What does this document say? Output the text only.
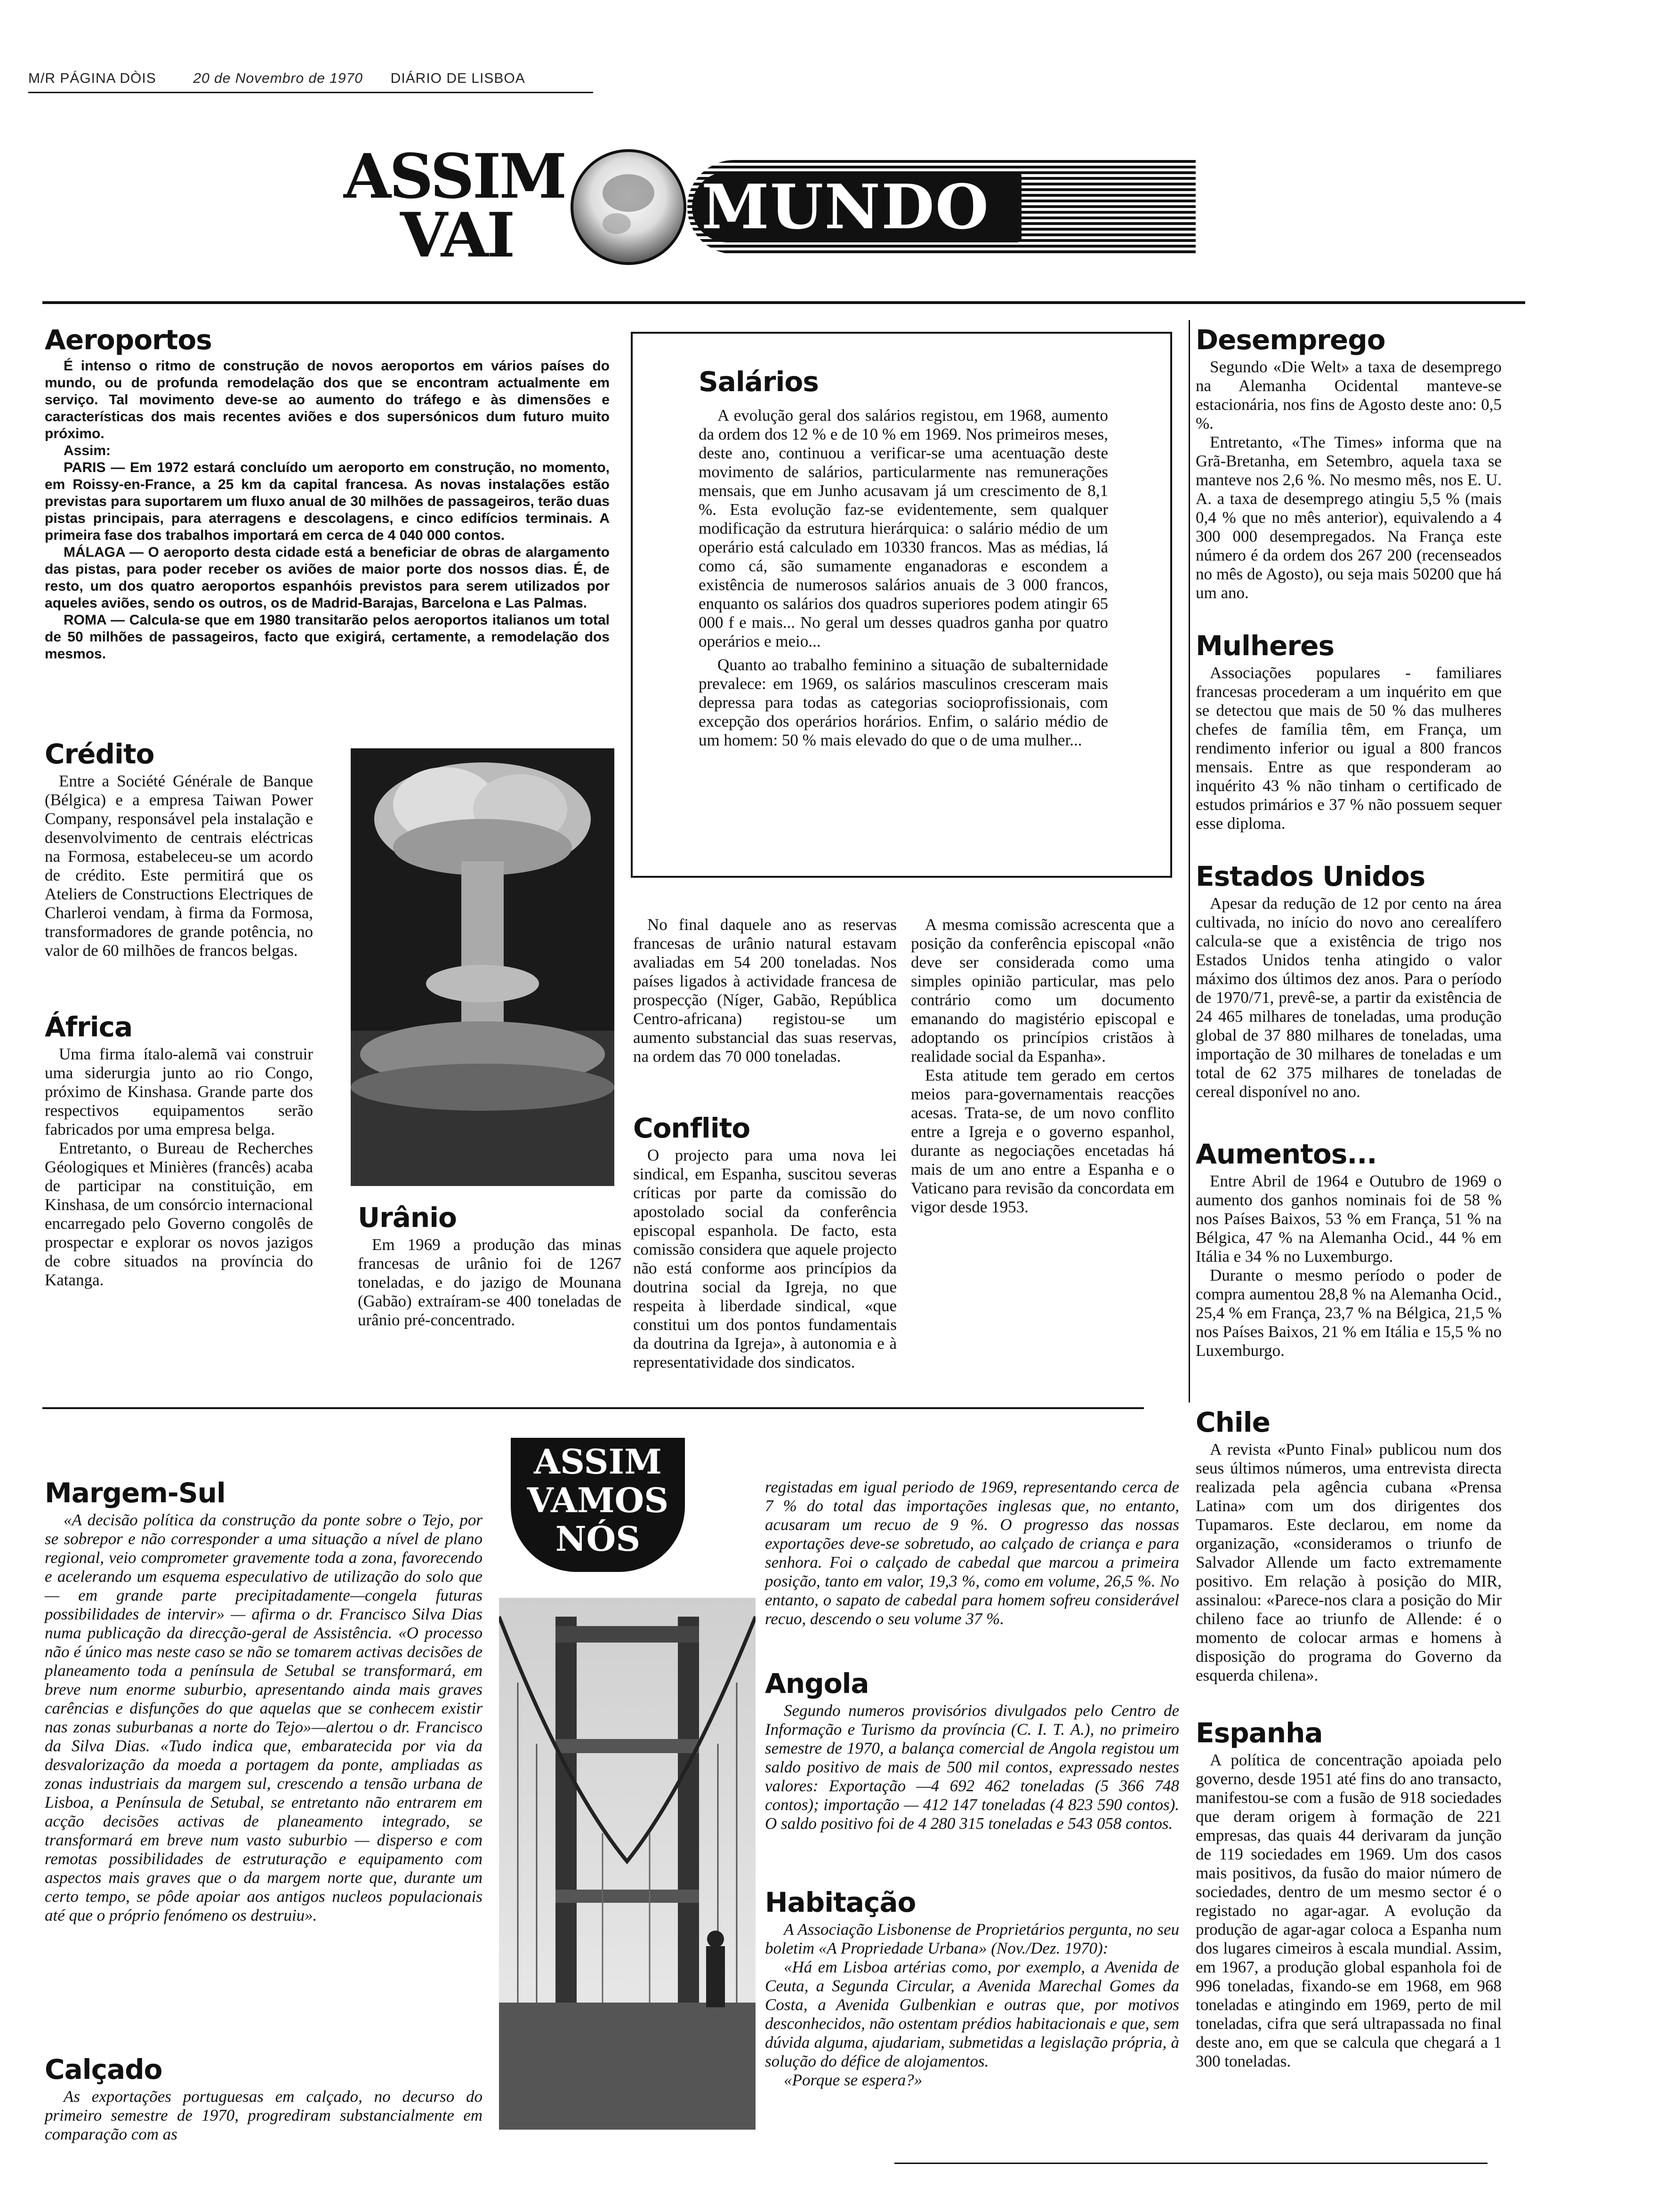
M/R PÁGINA DÒIS	20 de Novembro de 1970 DIÁRIO DE LISBOA
ASSIM
VAI	MUNDO
Aeroportos

É intenso o ritmo de construção de novos aeroportos em vários países do mundo, ou de profunda remodelação dos que se encontram actualmente em serviço. Tal movimento deve-se ao aumento do tráfego e às dimensões e características dos mais recentes aviões e dos supersónicos dum futuro muito próximo.

Assim:

PARIS — Em 1972 estará concluído um aeroporto em construção, no momento, em Roissy-en-France, a 25 km da capital francesa. As novas instalações estão previstas para suportarem um fluxo anual de 30 milhões de passageiros, terão duas pistas principais, para aterragens e descolagens, e cinco edifícios terminais. A primeira fase dos trabalhos importará em cerca de 4 040 000 contos.

MÁLAGA — O aeroporto desta cidade está a beneficiar de obras de alargamento das pistas, para poder receber os aviões de maior porte dos nossos dias. É, de resto, um dos quatro aeroportos espanhóis previstos para serem utilizados por aqueles aviões, sendo os outros, os de Madrid-Barajas, Barcelona e Las Palmas.

ROMA — Calcula-se que em 1980 transitarão pelos aeroportos italianos um total de 50 milhões de passageiros, facto que exigirá, certamente, a remodelação dos mesmos.

Crédito

Entre a Société Générale de Banque (Bélgica) e a empresa Taiwan Power Company, responsável pela instalação e desenvolvimento de centrais eléctricas na Formosa, estabeleceu-se um acordo de crédito. Este permitirá que os Ateliers de Constructions Electriques de Charleroi vendam, à firma da Formosa, transformadores de grande potência, no valor de 60 milhões de francos belgas.

África

Uma firma ítalo-alemã vai construir uma siderurgia junto ao rio Congo, próximo de Kinshasa. Grande parte dos respectivos equipamentos serão fabricados por uma empresa belga.

Entretanto, o Bureau de Recherches Géologiques et Minières (francês) acaba de participar na constituição, em Kinshasa, de um consórcio internacional encarregado pelo Governo congolês de prospectar e explorar os novos jazigos de cobre situados na província do Katanga.

Urânio

Em 1969 a produção das minas francesas de urânio foi de 1267 toneladas, e do jazigo de Mounana (Gabão) extraíram-se 400 toneladas de urânio pré-concentrado.

No final daquele ano as reservas francesas de urânio natural estavam avaliadas em 54 200 toneladas. Nos países ligados à actividade francesa de prospecção (Níger, Gabão, República Centro-africana) registou-se um aumento substancial das suas reservas, na ordem das 70 000 toneladas.

Salários

A evolução geral dos salários registou, em 1968, aumento da ordem dos 12 % e de 10 % em 1969. Nos primeiros meses, deste ano, continuou a verificar-se uma acentuação deste movimento de salários, particularmente nas remunerações mensais, que em Junho acusavam já um crescimento de 8,1 %. Esta evolução faz-se evidentemente, sem qualquer modificação da estrutura hierárquica: o salário médio de um operário está calculado em 10330 francos. Mas as médias, lá como cá, são sumamente enganadoras e escondem a existência de numerosos salários anuais de 3 000 francos, enquanto os salários dos quadros superiores podem atingir 65 000 f e mais... No geral um desses quadros ganha por quatro operários e meio...

Quanto ao trabalho feminino a situação de subalternidade prevalece: em 1969, os salários masculinos cresceram mais depressa para todas as categorias socioprofissionais, com excepção dos operários horários. Enfim, o salário médio de um homem: 50 % mais elevado do que o de uma mulher...

Conflito

O projecto para uma nova lei sindical, em Espanha, suscitou severas críticas por parte da comissão do apostolado social da conferência episcopal espanhola. De facto, esta comissão considera que aquele projecto não está conforme aos princípios da doutrina social da Igreja, no que respeita à liberdade sindical, «que constitui um dos pontos fundamentais da doutrina da Igreja», à autonomia e à representatividade dos sindicatos.

A mesma comissão acrescenta que a posição da conferência episcopal «não deve ser considerada como uma simples opinião particular, mas pelo contrário como um documento emanando do magistério episcopal e adoptando os princípios cristãos à realidade social da Espanha».

Esta atitude tem gerado em certos meios para-governamentais reacções acesas. Trata-se, de um novo conflito entre a Igreja e o governo espanhol, durante as negociações encetadas há mais de um ano entre a Espanha e o Vaticano para revisão da concordata em vigor desde 1953.

Desemprego

Segundo «Die Welt» a taxa de desemprego na Alemanha Ocidental manteve-se estacionária, nos fins de Agosto deste ano: 0,5 %.

Entretanto, «The Times» informa que na Grã-Bretanha, em Setembro, aquela taxa se manteve nos 2,6 %. No mesmo mês, nos E. U. A. a taxa de desemprego atingiu 5,5 % (mais 0,4 % que no mês anterior), equivalendo a 4 300 000 desempregados. Na França este número é da ordem dos 267 200 (recenseados no mês de Agosto), ou seja mais 50200 que há um ano.

Mulheres

Associações populares - familiares francesas procederam a um inquérito em que se detectou que mais de 50 % das mulheres chefes de família têm, em França, um rendimento inferior ou igual a 800 francos mensais. Entre as que responderam ao inquérito 43 % não tinham o certificado de estudos primários e 37 % não possuem sequer esse diploma.

Estados Unidos

Apesar da redução de 12 por cento na área cultivada, no início do novo ano cerealífero calcula-se que a existência de trigo nos Estados Unidos tenha atingido o valor máximo dos últimos dez anos. Para o período de 1970/71, prevê-se, a partir da existência de 24 465 milhares de toneladas, uma produção global de 37 880 milhares de toneladas, uma importação de 30 milhares de toneladas e um total de 62 375 milhares de toneladas de cereal disponível no ano.

Aumentos...

Entre Abril de 1964 e Outubro de 1969 o aumento dos ganhos nominais foi de 58 % nos Países Baixos, 53 % em França, 51 % na Bélgica, 47 % na Alemanha Ocid., 44 % em Itália e 34 % no Luxemburgo.

Durante o mesmo período o poder de compra aumentou 28,8 % na Alemanha Ocid., 25,4 % em França, 23,7 % na Bélgica, 21,5 % nos Países Baixos, 21 % em Itália e 15,5 % no Luxemburgo.

Chile

A revista «Punto Final» publicou num dos seus últimos números, uma entrevista directa realizada pela agência cubana «Prensa Latina» com um dos dirigentes dos Tupamaros. Este declarou, em nome da organização, «consideramos o triunfo de Salvador Allende um facto extremamente positivo. Em relação à posição do MIR, assinalou: «Parece-nos clara a posição do Mir chileno face ao triunfo de Allende: é o momento de colocar armas e homens à disposição do programa do Governo da esquerda chilena».

Espanha

A política de concentração apoiada pelo governo, desde 1951 até fins do ano transacto, manifestou-se com a fusão de 918 sociedades que deram origem à formação de 221 empresas, das quais 44 derivaram da junção de 119 sociedades em 1969. Um dos casos mais positivos, da fusão do maior número de sociedades, dentro de um mesmo sector é o registado no agar-agar. A evolução da produção de agar-agar coloca a Espanha num dos lugares cimeiros à escala mundial. Assim, em 1967, a produção global espanhola foi de 996 toneladas, fixando-se em 1968, em 968 toneladas e atingindo em 1969, perto de mil toneladas, cifra que será ultrapassada no final deste ano, em que se calcula que chegará a 1 300 toneladas.

ASSIM
VAMOS
NÓS
Margem-Sul

«A decisão política da construção da ponte sobre o Tejo, por se sobrepor e não corresponder a uma situação a nível de plano regional, veio comprometer gravemente toda a zona, favorecendo e acelerando um esquema especulativo de utilização do solo que — em grande parte precipitadamente—congela futuras possibilidades de intervir» — afirma o dr. Francisco Silva Dias numa publicação da direcção-geral de Assistência. «O processo não é único mas neste caso se não se tomarem activas decisões de planeamento toda a península de Setubal se transformará, em breve num enorme suburbio, apresentando ainda mais graves carências e disfunções do que aquelas que se conhecem existir nas zonas suburbanas a norte do Tejo»—alertou o dr. Francisco da Silva Dias. «Tudo indica que, embaratecida por via da desvalorização da moeda a portagem da ponte, ampliadas as zonas industriais da margem sul, crescendo a tensão urbana de Lisboa, a Península de Setubal, se entretanto não entrarem em acção decisões activas de planeamento integrado, se transformará em breve num vasto suburbio — disperso e com remotas possibilidades de estruturação e equipamento com aspectos mais graves que o da margem norte que, durante um certo tempo, se pôde apoiar aos antigos nucleos populacionais até que o próprio fenómeno os destruiu».

Calçado

As exportações portuguesas em calçado, no decurso do primeiro semestre de 1970, progrediram substancialmente em comparação com as

registadas em igual periodo de 1969, representando cerca de 7 % do total das importações inglesas que, no entanto, acusaram um recuo de 9 %. O progresso das nossas exportações deve-se sobretudo, ao calçado de criança e para senhora. Foi o calçado de cabedal que marcou a primeira posição, tanto em valor, 19,3 %, como em volume, 26,5 %. No entanto, o sapato de cabedal para homem sofreu considerável recuo, descendo o seu volume 37 %.

Angola

Segundo numeros provisórios divulgados pelo Centro de Informação e Turismo da província (C. I. T. A.), no primeiro semestre de 1970, a balança comercial de Angola registou um saldo positivo de mais de 500 mil contos, expressado nestes valores: Exportação —4 692 462 toneladas (5 366 748 contos); importação — 412 147 toneladas (4 823 590 contos). O saldo positivo foi de 4 280 315 toneladas e 543 058 contos.

Habitação

A Associação Lisbonense de Proprietários pergunta, no seu boletim «A Propriedade Urbana» (Nov./Dez. 1970):

«Há em Lisboa artérias como, por exemplo, a Avenida de Ceuta, a Segunda Circular, a Avenida Marechal Gomes da Costa, a Avenida Gulbenkian e outras que, por motivos desconhecidos, não ostentam prédios habitacionais e que, sem dúvida alguma, ajudariam, submetidas a legislação própria, à solução do défice de alojamentos.

«Porque se espera?»
